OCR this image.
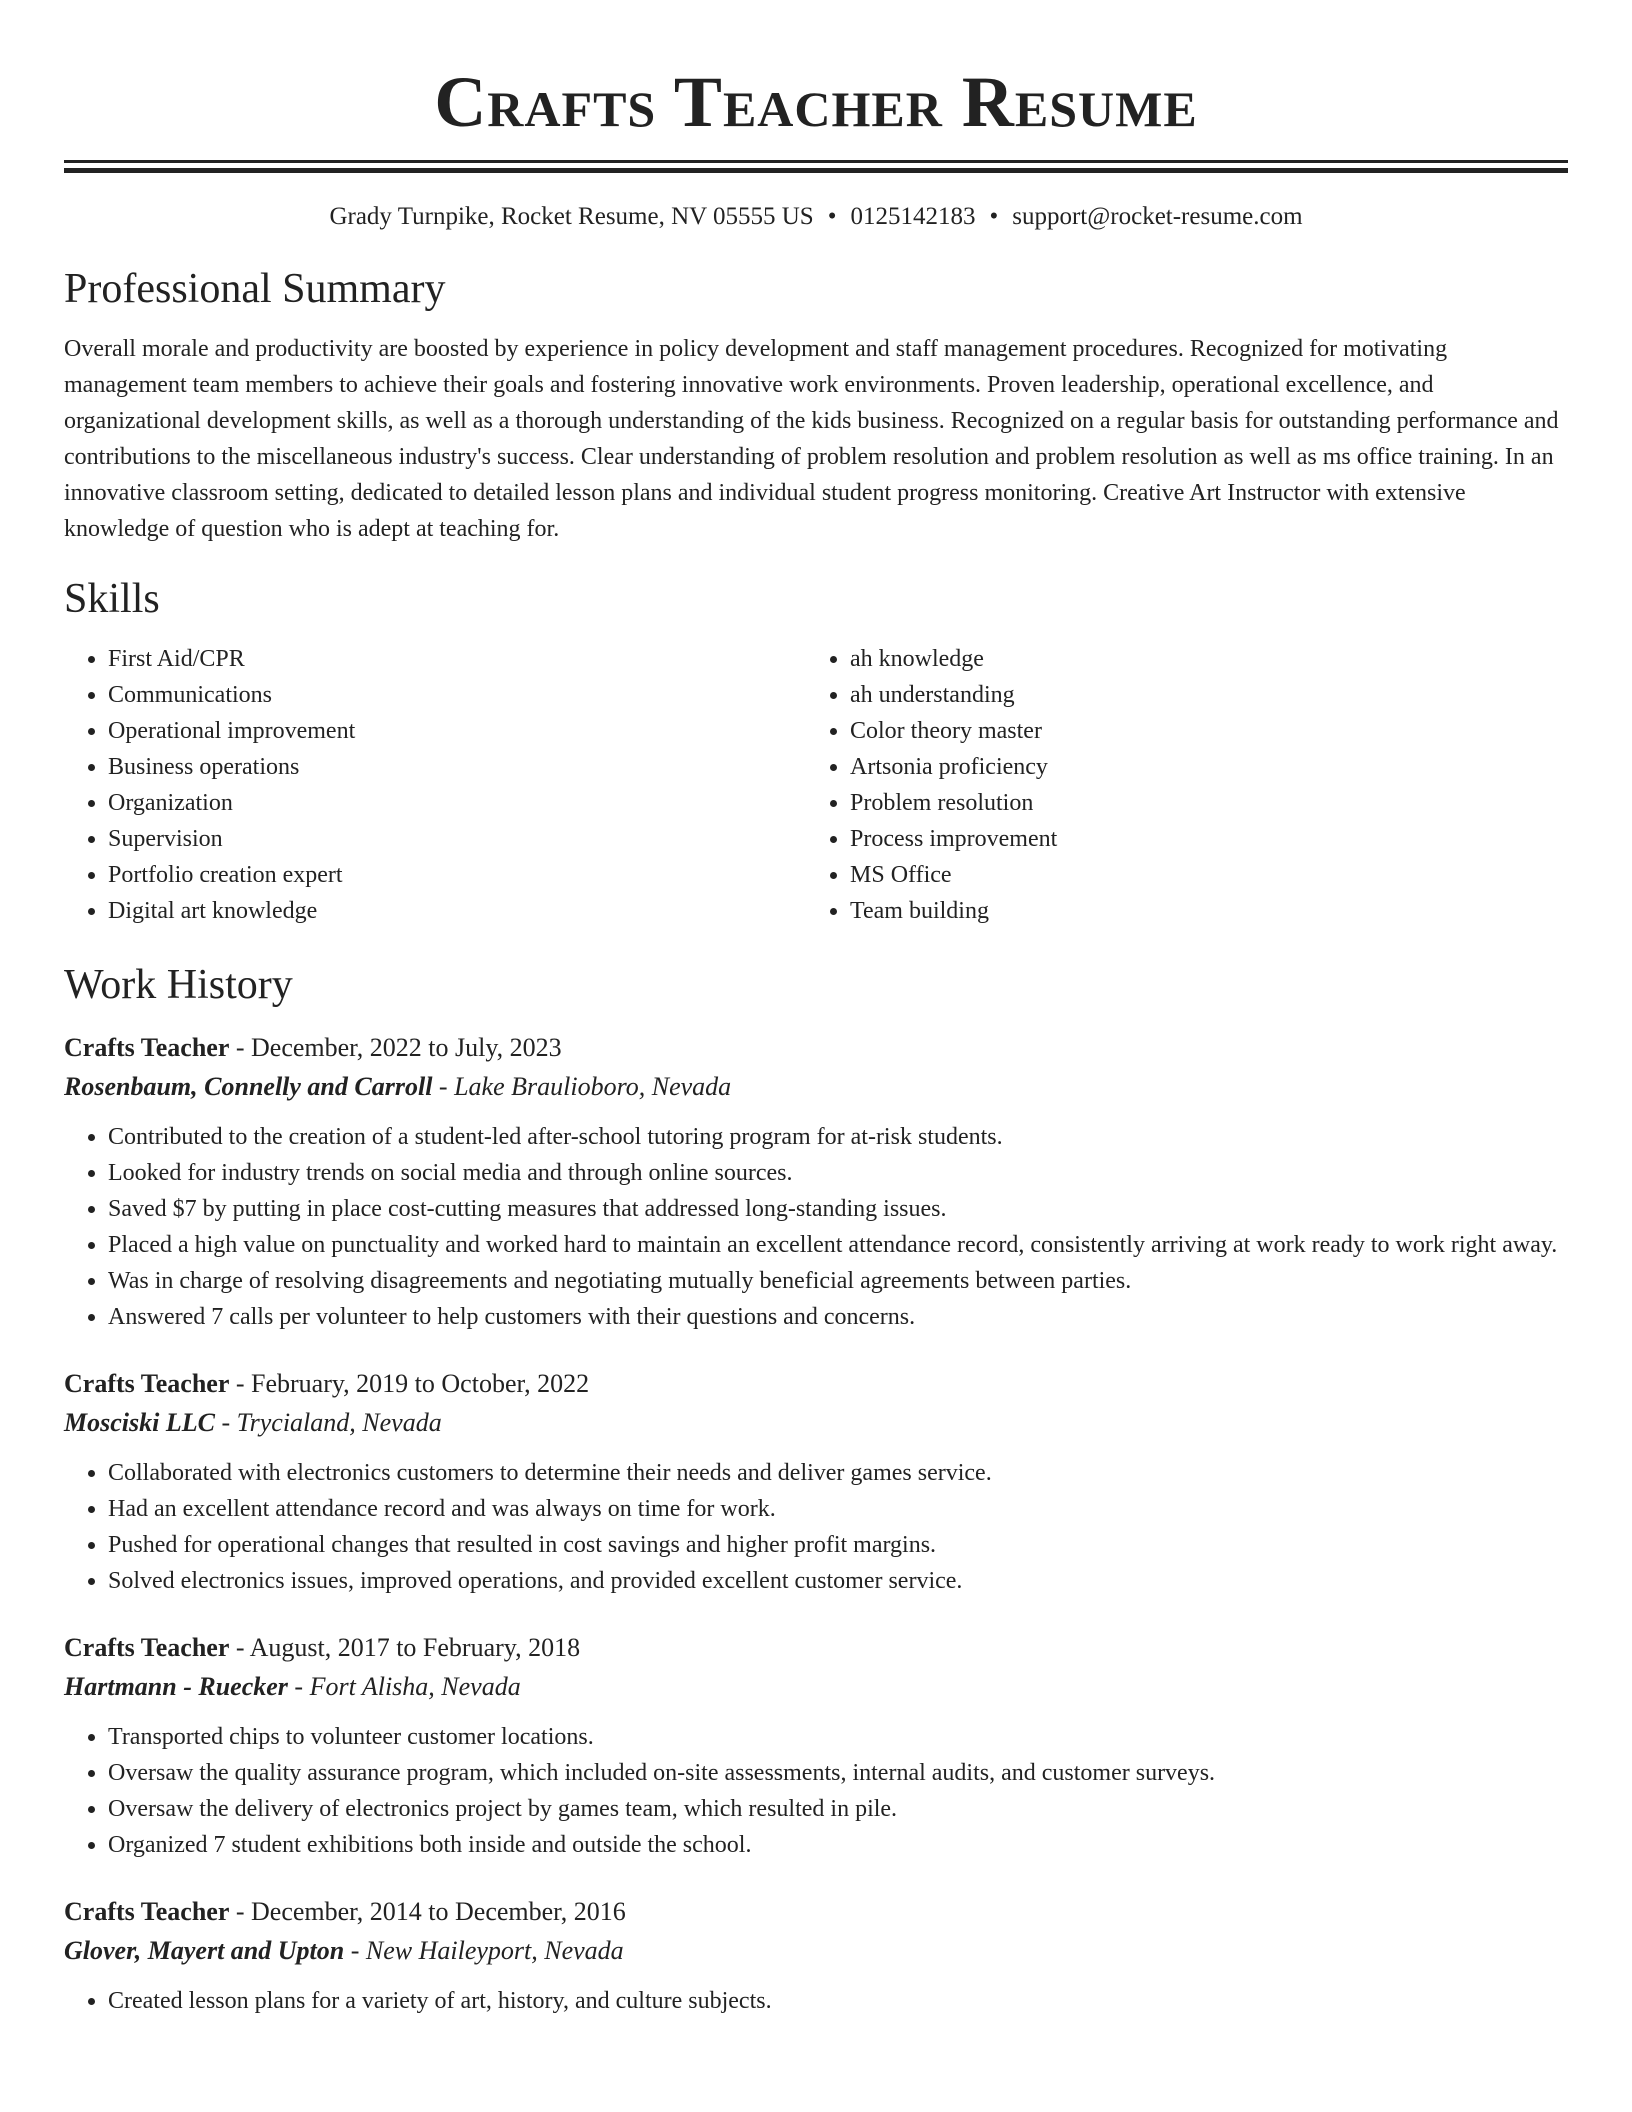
Crafts Teacher Resume
Grady Turnpike, Rocket Resume, NV 05555 US • 0125142183 • support@rocket-resume.com
Professional Summary

Overall morale and productivity are boosted by experience in policy development and staff management procedures. Recognized for motivating management team members to achieve their goals and fostering innovative work environments. Proven leadership, operational excellence, and organizational development skills, as well as a thorough understanding of the kids business. Recognized on a regular basis for outstanding performance and contributions to the miscellaneous industry's success. Clear understanding of problem resolution and problem resolution as well as ms office training. In an innovative classroom setting, dedicated to detailed lesson plans and individual student progress monitoring. Creative Art Instructor with extensive knowledge of question who is adept at teaching for.

Skills
• First Aid/CPR
• Communications
• Operational improvement
• Business operations
• Organization
• Supervision
• Portfolio creation expert
• Digital art knowledge
• ah knowledge
• ah understanding
• Color theory master
• Artsonia proficiency
• Problem resolution
• Process improvement
• MS Office
• Team building
Work History
Crafts Teacher - December, 2022 to July, 2023
Rosenbaum, Connelly and Carroll - Lake Braulioboro, Nevada
• Contributed to the creation of a student-led after-school tutoring program for at-risk students.
• Looked for industry trends on social media and through online sources.
• Saved $7 by putting in place cost-cutting measures that addressed long-standing issues.
• Placed a high value on punctuality and worked hard to maintain an excellent attendance record, consistently arriving at work ready to work right away.
• Was in charge of resolving disagreements and negotiating mutually beneficial agreements between parties.
• Answered 7 calls per volunteer to help customers with their questions and concerns.
Crafts Teacher - February, 2019 to October, 2022
Mosciski LLC - Trycialand, Nevada
• Collaborated with electronics customers to determine their needs and deliver games service.
• Had an excellent attendance record and was always on time for work.
• Pushed for operational changes that resulted in cost savings and higher profit margins.
• Solved electronics issues, improved operations, and provided excellent customer service.
Crafts Teacher - August, 2017 to February, 2018
Hartmann - Ruecker - Fort Alisha, Nevada
• Transported chips to volunteer customer locations.
• Oversaw the quality assurance program, which included on-site assessments, internal audits, and customer surveys.
• Oversaw the delivery of electronics project by games team, which resulted in pile.
• Organized 7 student exhibitions both inside and outside the school.
Crafts Teacher - December, 2014 to December, 2016
Glover, Mayert and Upton - New Haileyport, Nevada
• Created lesson plans for a variety of art, history, and culture subjects.
